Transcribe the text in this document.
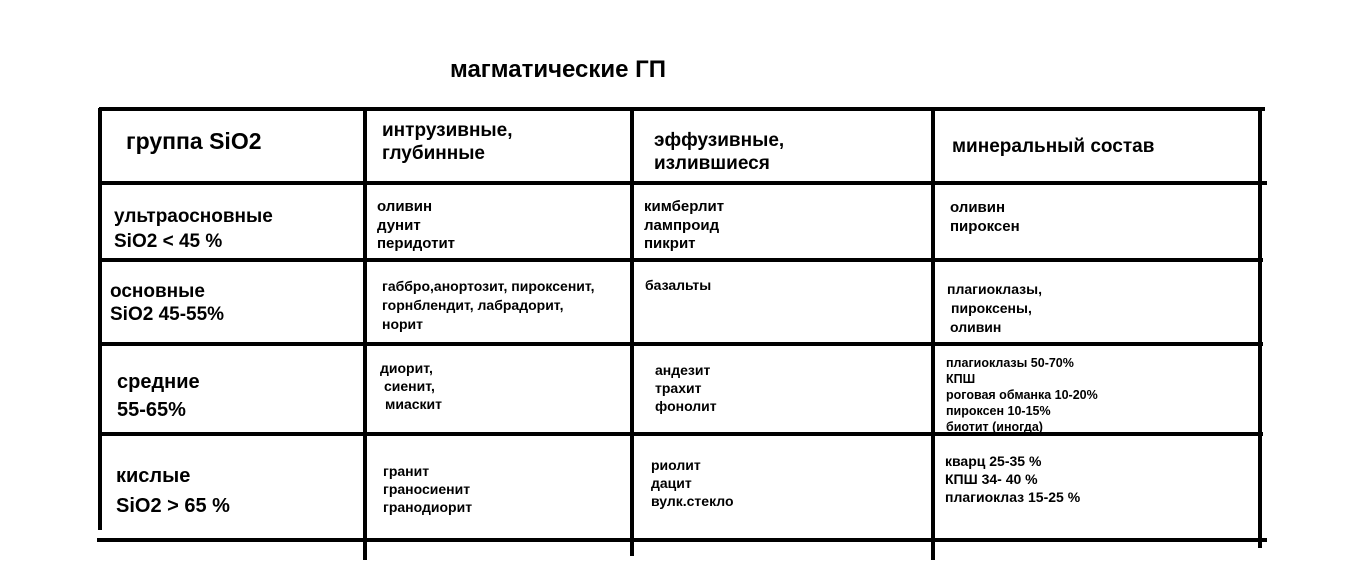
магматические ГП
группа SiO2	интрузивные,
глубинные
эффузивные,
излившиеся
минеральный состав
ультраосновные
SiO2 < 45 %
оливин
дунит
перидотит
кимберлит
лампроид
пикрит
оливин
пироксен
основные
SiO2 45-55%
габбро,анортозит, пироксенит,
горнблендит, лабрадорит,
норит
базальты	плагиоклазы,
пироксены,
оливин
средние
55-65%
диорит,
сиенит,
миаскит
андезит
трахит
фонолит
плагиоклазы 50-70%
КПШ
роговая обманка 10-20%
пироксен 10-15%
биотит (иногда)
кислые
SiO2 > 65 %
гранит
граносиенит
гранодиорит
риолит
дацит
вулк.стекло
кварц 25-35 %
КПШ 34- 40 %
плагиоклаз 15-25 %
